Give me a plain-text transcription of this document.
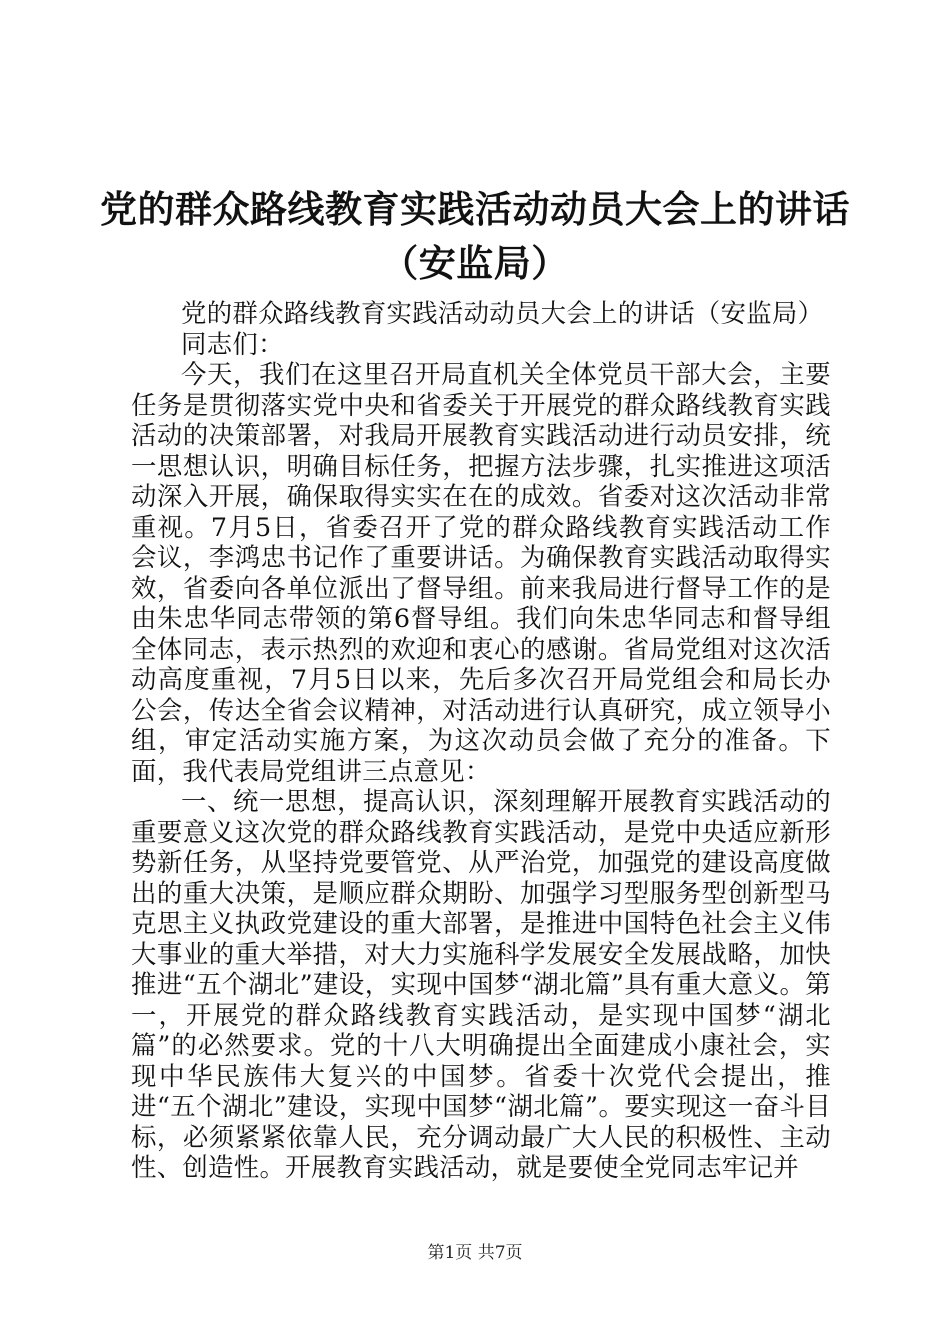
党的群众路线教育实践活动动员大会上的讲话
（安监局）

党的群众路线教育实践活动动员大会上的讲话（安监局）

同志们：

今天，我们在这里召开局直机关全体党员干部大会，主要任务是贯彻落实党中央和省委关于开展党的群众路线教育实践活动的决策部署，对我局开展教育实践活动进行动员安排，统一思想认识，明确目标任务，把握方法步骤，扎实推进这项活动深入开展，确保取得实实在在的成效。省委对这次活动非常重视。7月5日，省委召开了党的群众路线教育实践活动工作会议，李鸿忠书记作了重要讲话。为确保教育实践活动取得实效，省委向各单位派出了督导组。前来我局进行督导工作的是由朱忠华同志带领的第6督导组。我们向朱忠华同志和督导组全体同志，表示热烈的欢迎和衷心的感谢。省局党组对这次活动高度重视，7月5日以来，先后多次召开局党组会和局长办公会，传达全省会议精神，对活动进行认真研究，成立领导小组，审定活动实施方案，为这次动员会做了充分的准备。下面，我代表局党组讲三点意见：

一、统一思想，提高认识，深刻理解开展教育实践活动的重要意义这次党的群众路线教育实践活动，是党中央适应新形势新任务，从坚持党要管党、从严治党，加强党的建设高度做出的重大决策，是顺应群众期盼、加强学习型服务型创新型马克思主义执政党建设的重大部署，是推进中国特色社会主义伟大事业的重大举措，对大力实施科学发展安全发展战略，加快推进“五个湖北”建设，实现中国梦“湖北篇”具有重大意义。第一，开展党的群众路线教育实践活动，是实现中国梦“湖北篇”的必然要求。党的十八大明确提出全面建成小康社会，实现中华民族伟大复兴的中国梦。省委十次党代会提出，推进“五个湖北”建设，实现中国梦“湖北篇”。要实现这一奋斗目标，必须紧紧依靠人民，充分调动最广大人民的积极性、主动性、创造性。开展教育实践活动，就是要使全党同志牢记并

第1页 共7页
